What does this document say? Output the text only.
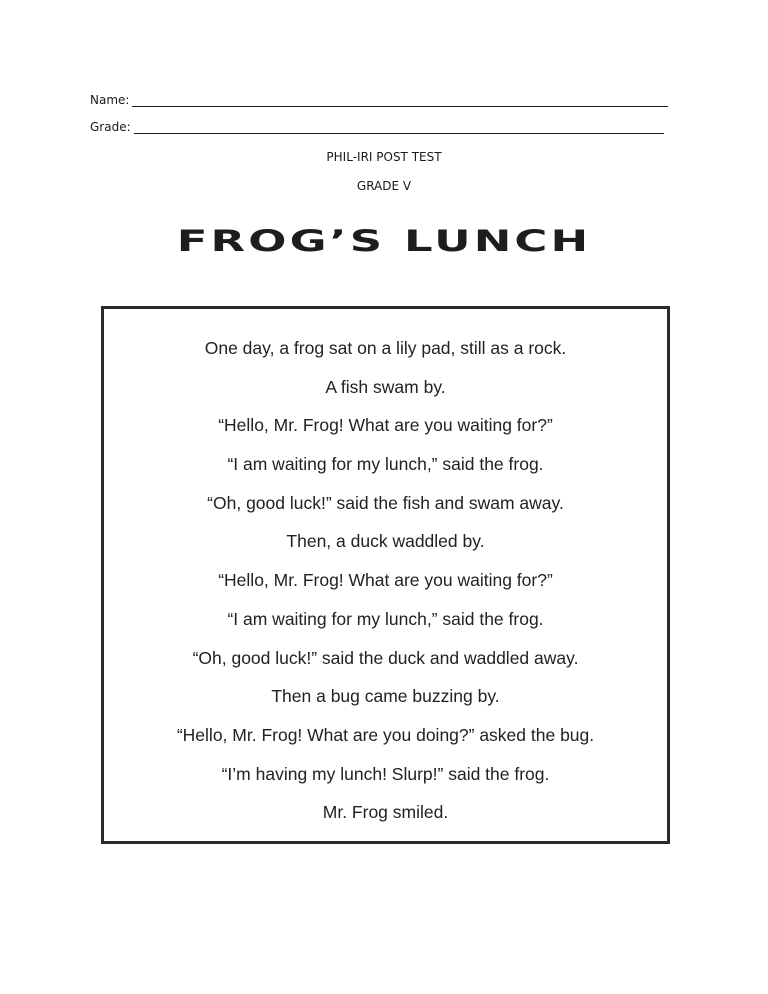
Name:
Grade:
PHIL-IRI POST TEST
GRADE V
FROG’S LUNCH
One day, a frog sat on a lily pad, still as a rock.
A fish swam by.
“Hello, Mr. Frog! What are you waiting for?”
“I am waiting for my lunch,” said the frog.
“Oh, good luck!” said the fish and swam away.
Then, a duck waddled by.
“Hello, Mr. Frog! What are you waiting for?”
“I am waiting for my lunch,” said the frog.
“Oh, good luck!” said the duck and waddled away.
Then a bug came buzzing by.
“Hello, Mr. Frog! What are you doing?” asked the bug.
“I’m having my lunch! Slurp!” said the frog.
Mr. Frog smiled.
